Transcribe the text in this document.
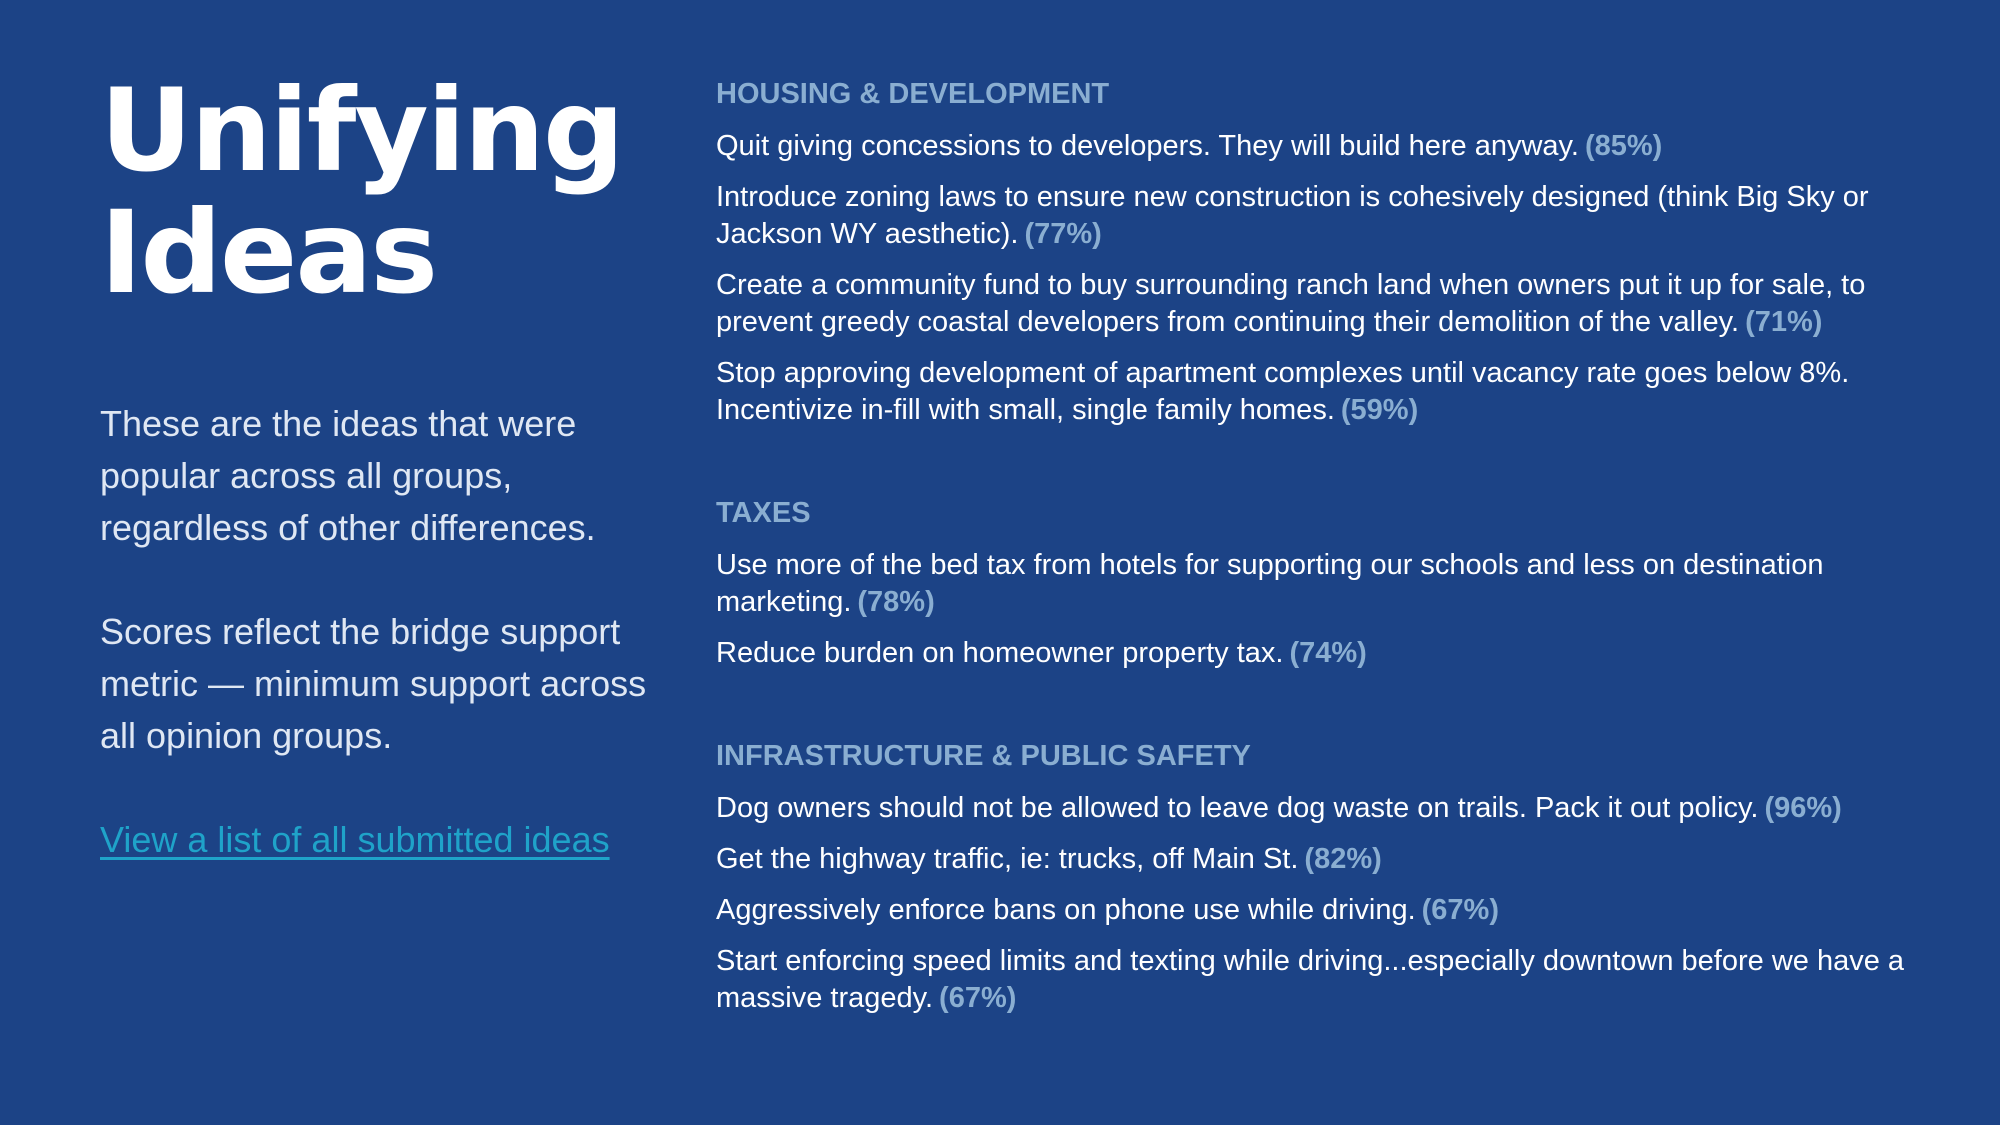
Unifying
Ideas

These are the ideas that were popular across all groups, regardless of other differences.

Scores reflect the bridge support metric — minimum support across all opinion groups.

View a list of all submitted ideas
HOUSING & DEVELOPMENT

Quit giving concessions to developers. They will build here anyway. (85%)

Introduce zoning laws to ensure new construction is cohesively designed (think Big Sky or Jackson WY aesthetic). (77%)

Create a community fund to buy surrounding ranch land when owners put it up for sale, to prevent greedy coastal developers from continuing their demolition of the valley. (71%)

Stop approving development of apartment complexes until vacancy rate goes below 8%. Incentivize in-fill with small, single family homes. (59%)

TAXES

Use more of the bed tax from hotels for supporting our schools and less on destination marketing. (78%)

Reduce burden on homeowner property tax. (74%)

INFRASTRUCTURE & PUBLIC SAFETY

Dog owners should not be allowed to leave dog waste on trails. Pack it out policy. (96%)

Get the highway traffic, ie: trucks, off Main St. (82%)

Aggressively enforce bans on phone use while driving. (67%)

Start enforcing speed limits and texting while driving...especially downtown before we have a massive tragedy. (67%)
